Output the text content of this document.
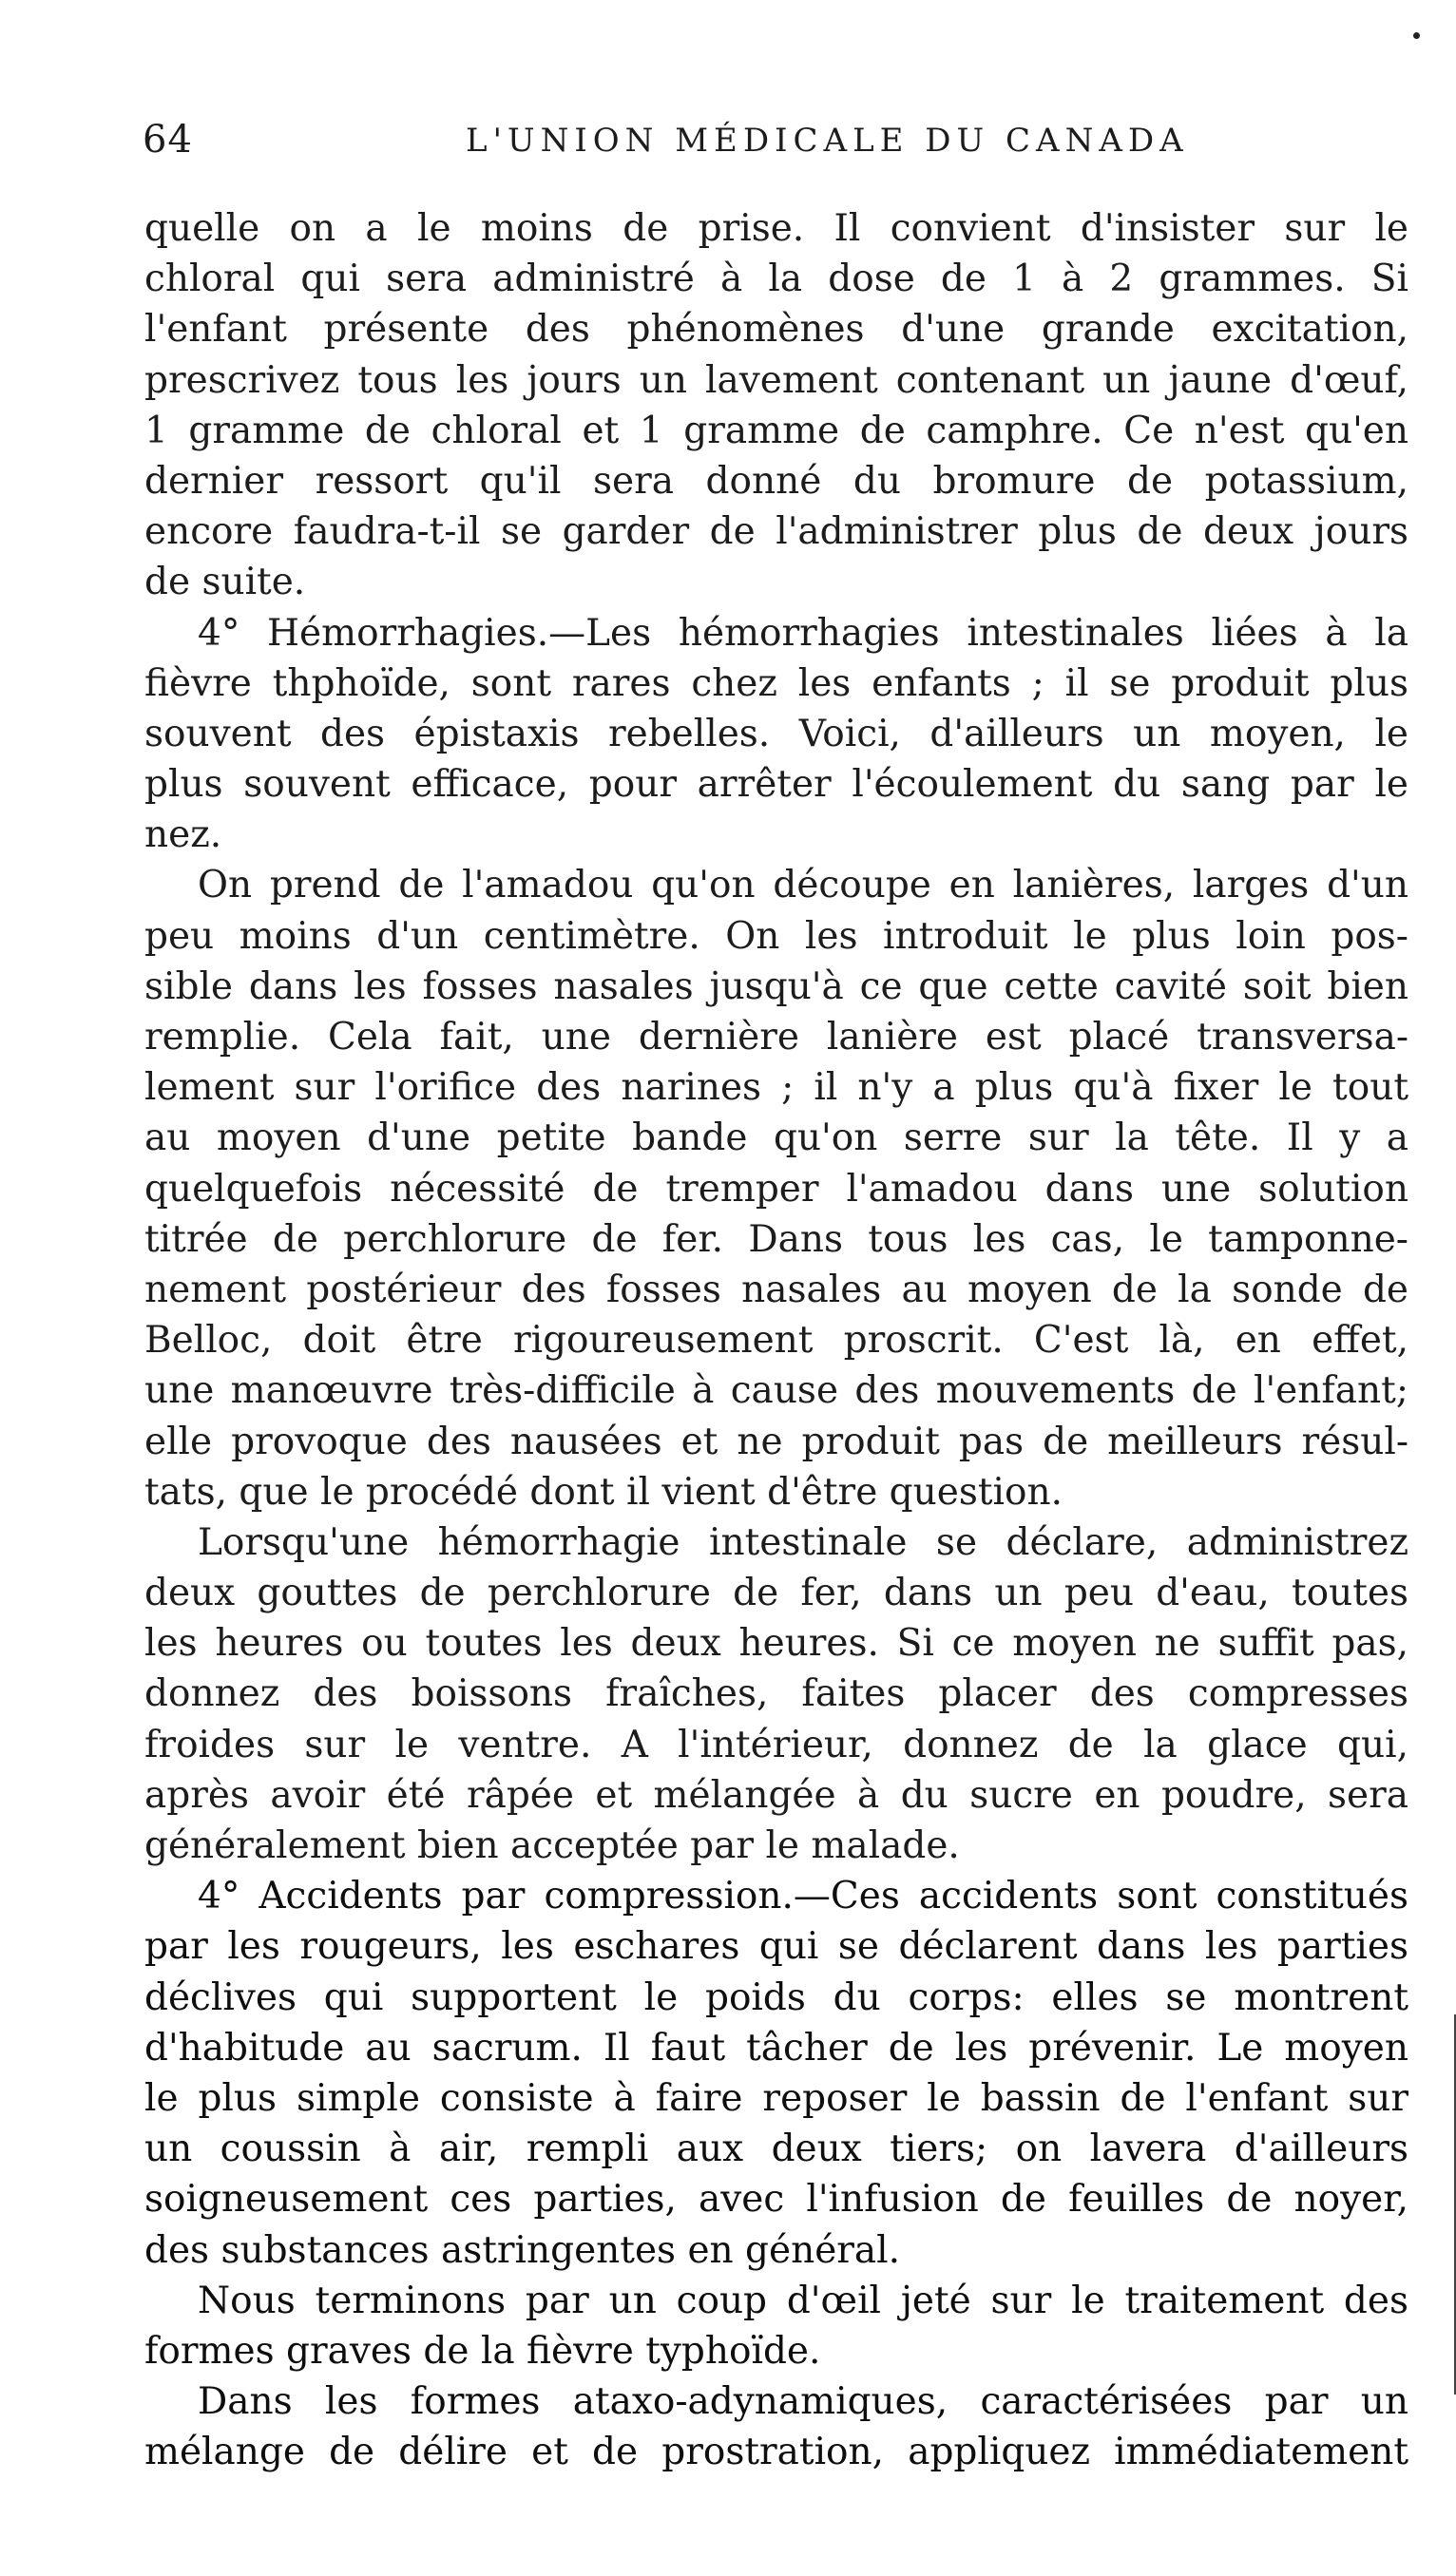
64	L'UNION MÉDICALE DU CANADA
quelle on a le moins de prise. Il convient d'insister sur le
chloral qui sera administré à la dose de 1 à 2 grammes. Si
l'enfant présente des phénomènes d'une grande excitation,
prescrivez tous les jours un lavement contenant un jaune d'œuf,
1 gramme de chloral et 1 gramme de camphre. Ce n'est qu'en
dernier ressort qu'il sera donné du bromure de potassium,
encore faudra-t-il se garder de l'administrer plus de deux jours
de suite.
4° Hémorrhagies.—Les hémorrhagies intestinales liées à la
fièvre thphoïde, sont rares chez les enfants ; il se produit plus
souvent des épistaxis rebelles. Voici, d'ailleurs un moyen, le
plus souvent efficace, pour arrêter l'écoulement du sang par le
nez.
On prend de l'amadou qu'on découpe en lanières, larges d'un
peu moins d'un centimètre. On les introduit le plus loin pos-
sible dans les fosses nasales jusqu'à ce que cette cavité soit bien
remplie. Cela fait, une dernière lanière est placé transversa-
lement sur l'orifice des narines ; il n'y a plus qu'à fixer le tout
au moyen d'une petite bande qu'on serre sur la tête. Il y a
quelquefois nécessité de tremper l'amadou dans une solution
titrée de perchlorure de fer. Dans tous les cas, le tamponne-
nement postérieur des fosses nasales au moyen de la sonde de
Belloc, doit être rigoureusement proscrit. C'est là, en effet,
une manœuvre très-difficile à cause des mouvements de l'enfant;
elle provoque des nausées et ne produit pas de meilleurs résul-
tats, que le procédé dont il vient d'être question.
Lorsqu'une hémorrhagie intestinale se déclare, administrez
deux gouttes de perchlorure de fer, dans un peu d'eau, toutes
les heures ou toutes les deux heures. Si ce moyen ne suffit pas,
donnez des boissons fraîches, faites placer des compresses
froides sur le ventre. A l'intérieur, donnez de la glace qui,
après avoir été râpée et mélangée à du sucre en poudre, sera
généralement bien acceptée par le malade.
4° Accidents par compression.—Ces accidents sont constitués
par les rougeurs, les eschares qui se déclarent dans les parties
déclives qui supportent le poids du corps: elles se montrent
d'habitude au sacrum. Il faut tâcher de les prévenir. Le moyen
le plus simple consiste à faire reposer le bassin de l'enfant sur
un coussin à air, rempli aux deux tiers; on lavera d'ailleurs
soigneusement ces parties, avec l'infusion de feuilles de noyer,
des substances astringentes en général.
Nous terminons par un coup d'œil jeté sur le traitement des
formes graves de la fièvre typhoïde.
Dans les formes ataxo-adynamiques, caractérisées par un
mélange de délire et de prostration, appliquez immédiatement
